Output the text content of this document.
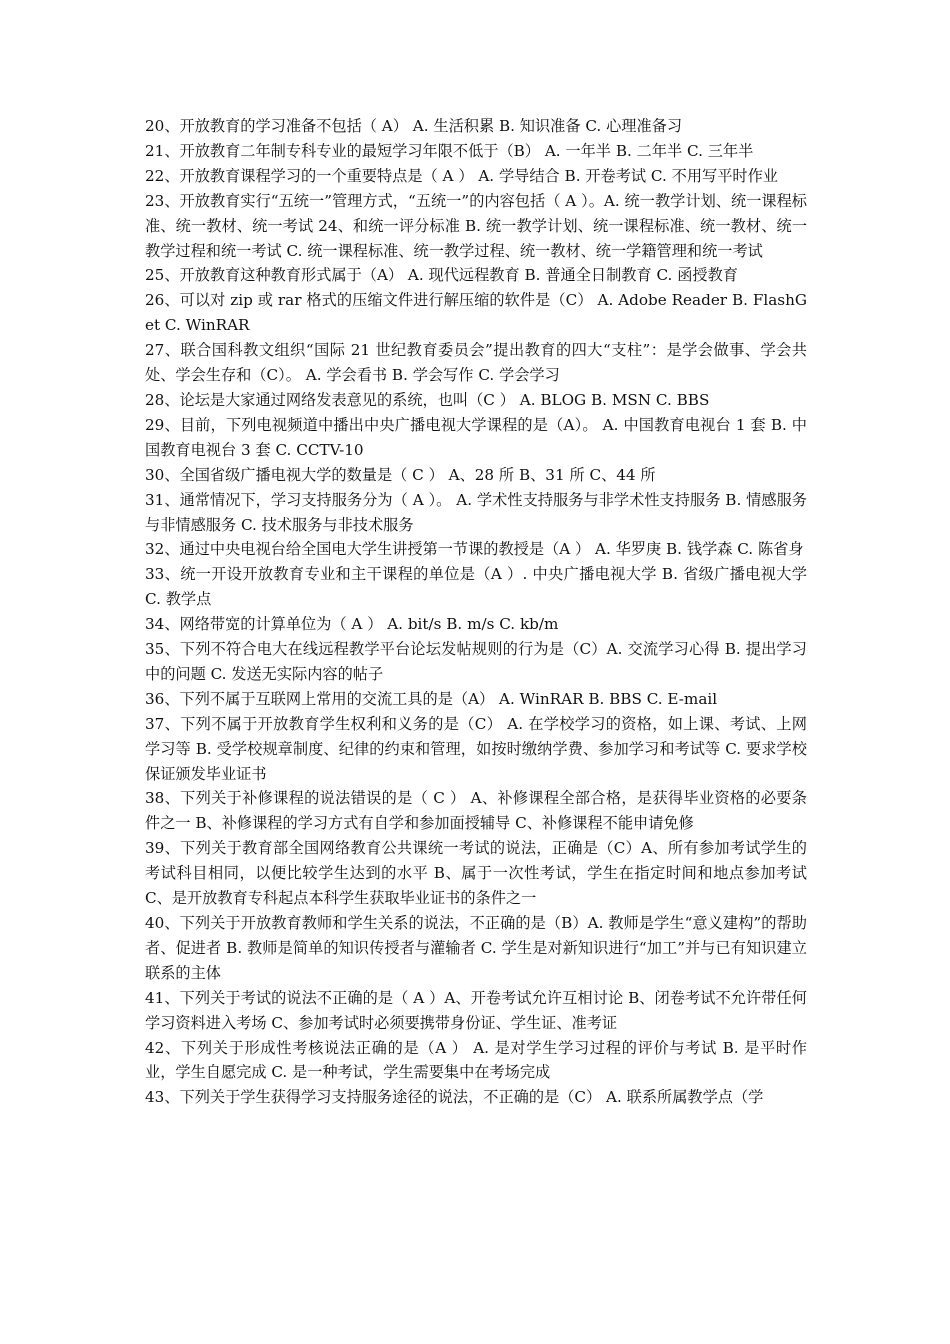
20、开放教育的学习准备不包括（ A） A. 生活积累 B. 知识准备 C. 心理准备习

21、开放教育二年制专科专业的最短学习年限不低于（B） A. 一年半 B. 二年半 C. 三年半

22、开放教育课程学习的一个重要特点是（ A ） A. 学导结合 B. 开卷考试 C. 不用写平时作业

23、开放教育实行“五统一”管理方式，“五统一”的内容包括（ A ）。A. 统一教学计划、统一课程标准、统一教材、统一考试 24、和统一评分标准 B. 统一教学计划、统一课程标准、统一教材、统一教学过程和统一考试 C. 统一课程标准、统一教学过程、统一教材、统一学籍管理和统一考试

25、开放教育这种教育形式属于（A） A. 现代远程教育 B. 普通全日制教育 C. 函授教育

26、可以对 zip 或 rar 格式的压缩文件进行解压缩的软件是（C） A. Adobe Reader B. FlashGet C. WinRAR

27、联合国科教文组织“国际 21 世纪教育委员会”提出教育的四大“支柱”：是学会做事、学会共处、学会生存和（C）。 A. 学会看书 B. 学会写作 C. 学会学习

28、论坛是大家通过网络发表意见的系统，也叫（C ） A. BLOG B. MSN C. BBS

29、目前，下列电视频道中播出中央广播电视大学课程的是（A）。 A. 中国教育电视台 1 套 B. 中国教育电视台 3 套 C. CCTV-10

30、全国省级广播电视大学的数量是（ C ） A、28 所 B、31 所 C、44 所

31、通常情况下，学习支持服务分为（ A ）。 A. 学术性支持服务与非学术性支持服务 B. 情感服务与非情感服务 C. 技术服务与非技术服务

32、通过中央电视台给全国电大学生讲授第一节课的教授是（A ） A. 华罗庚 B. 钱学森 C. 陈省身

33、统一开设开放教育专业和主干课程的单位是（A ）. 中央广播电视大学 B. 省级广播电视大学 C. 教学点

34、网络带宽的计算单位为（ A ） A. bit/s B. m/s C. kb/m

35、下列不符合电大在线远程教学平台论坛发帖规则的行为是（C）A. 交流学习心得 B. 提出学习中的问题 C. 发送无实际内容的帖子

36、下列不属于互联网上常用的交流工具的是（A） A. WinRAR B. BBS C. E-mail

37、下列不属于开放教育学生权利和义务的是（C） A. 在学校学习的资格，如上课、考试、上网学习等 B. 受学校规章制度、纪律的约束和管理，如按时缴纳学费、参加学习和考试等 C. 要求学校保证颁发毕业证书

38、下列关于补修课程的说法错误的是（ C ） A、补修课程全部合格，是获得毕业资格的必要条件之一 B、补修课程的学习方式有自学和参加面授辅导 C、补修课程不能申请免修

39、下列关于教育部全国网络教育公共课统一考试的说法，正确是（C）A、所有参加考试学生的考试科目相同，以便比较学生达到的水平 B、属于一次性考试，学生在指定时间和地点参加考试 C、是开放教育专科起点本科学生获取毕业证书的条件之一

40、下列关于开放教育教师和学生关系的说法，不正确的是（B）A. 教师是学生“意义建构”的帮助者、促进者 B. 教师是简单的知识传授者与灌输者 C. 学生是对新知识进行“加工”并与已有知识建立联系的主体

41、下列关于考试的说法不正确的是（ A ）A、开卷考试允许互相讨论 B、闭卷考试不允许带任何学习资料进入考场 C、参加考试时必须要携带身份证、学生证、准考证

42、下列关于形成性考核说法正确的是（A ） A. 是对学生学习过程的评价与考试 B. 是平时作业，学生自愿完成 C. 是一种考试，学生需要集中在考场完成

43、下列关于学生获得学习支持服务途径的说法，不正确的是（C） A. 联系所属教学点（学
